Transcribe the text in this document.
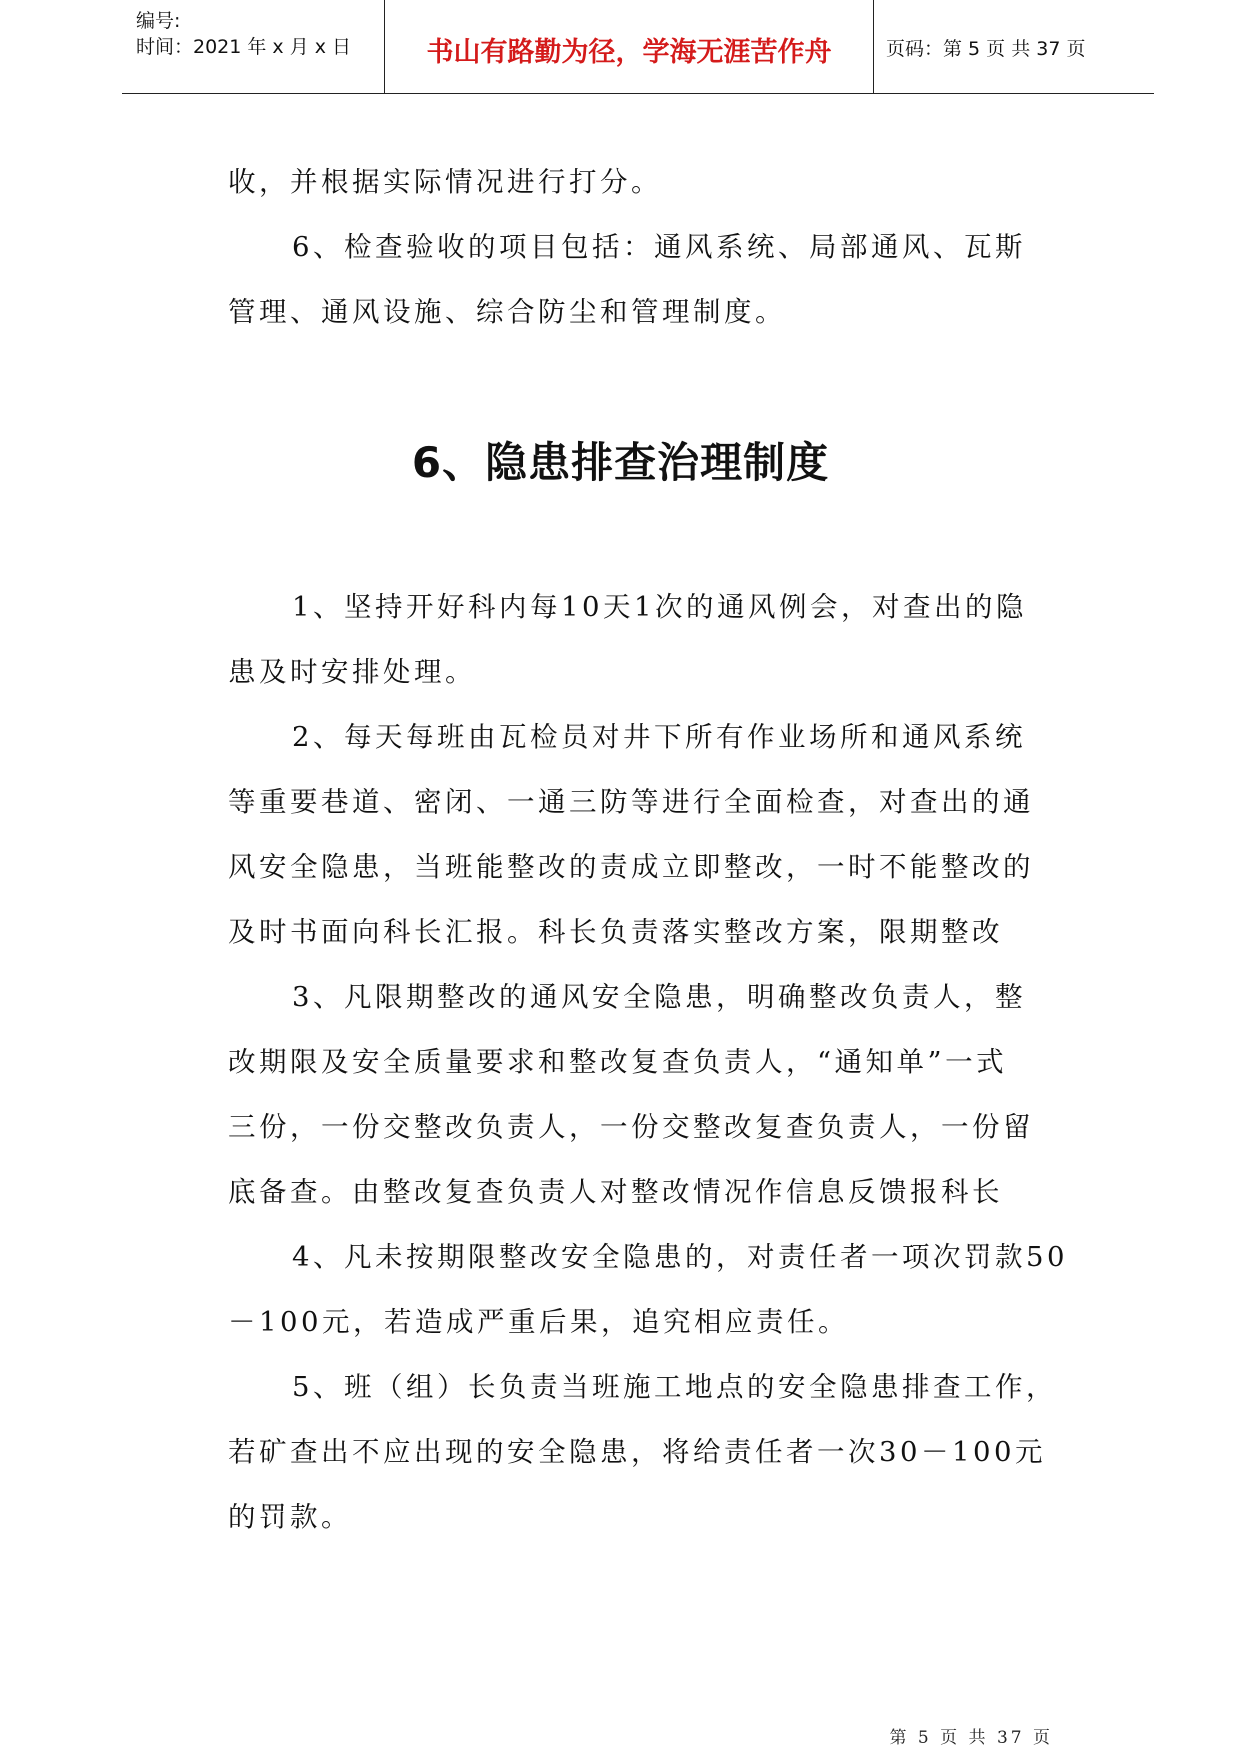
编号:
时间：2021 年 x 月 x 日	书山有路勤为径，学海无涯苦作舟	页码：第 5 页 共 37 页
收，并根据实际情况进行打分。
6、检查验收的项目包括：通风系统、局部通风、瓦斯
管理、通风设施、综合防尘和管理制度。
1、坚持开好科内每10天1次的通风例会，对查出的隐
患及时安排处理。
2、每天每班由瓦检员对井下所有作业场所和通风系统
等重要巷道、密闭、一通三防等进行全面检查，对查出的通
风安全隐患，当班能整改的责成立即整改，一时不能整改的
及时书面向科长汇报。科长负责落实整改方案，限期整改
3、凡限期整改的通风安全隐患，明确整改负责人，整
改期限及安全质量要求和整改复查负责人，“通知单”一式
三份，一份交整改负责人，一份交整改复查负责人，一份留
底备查。由整改复查负责人对整改情况作信息反馈报科长
4、凡未按期限整改安全隐患的，对责任者一项次罚款50
－100元，若造成严重后果，追究相应责任。
5、班（组）长负责当班施工地点的安全隐患排查工作，
若矿查出不应出现的安全隐患，将给责任者一次30－100元
的罚款。
6、隐患排查治理制度
第 5 页 共 37 页
